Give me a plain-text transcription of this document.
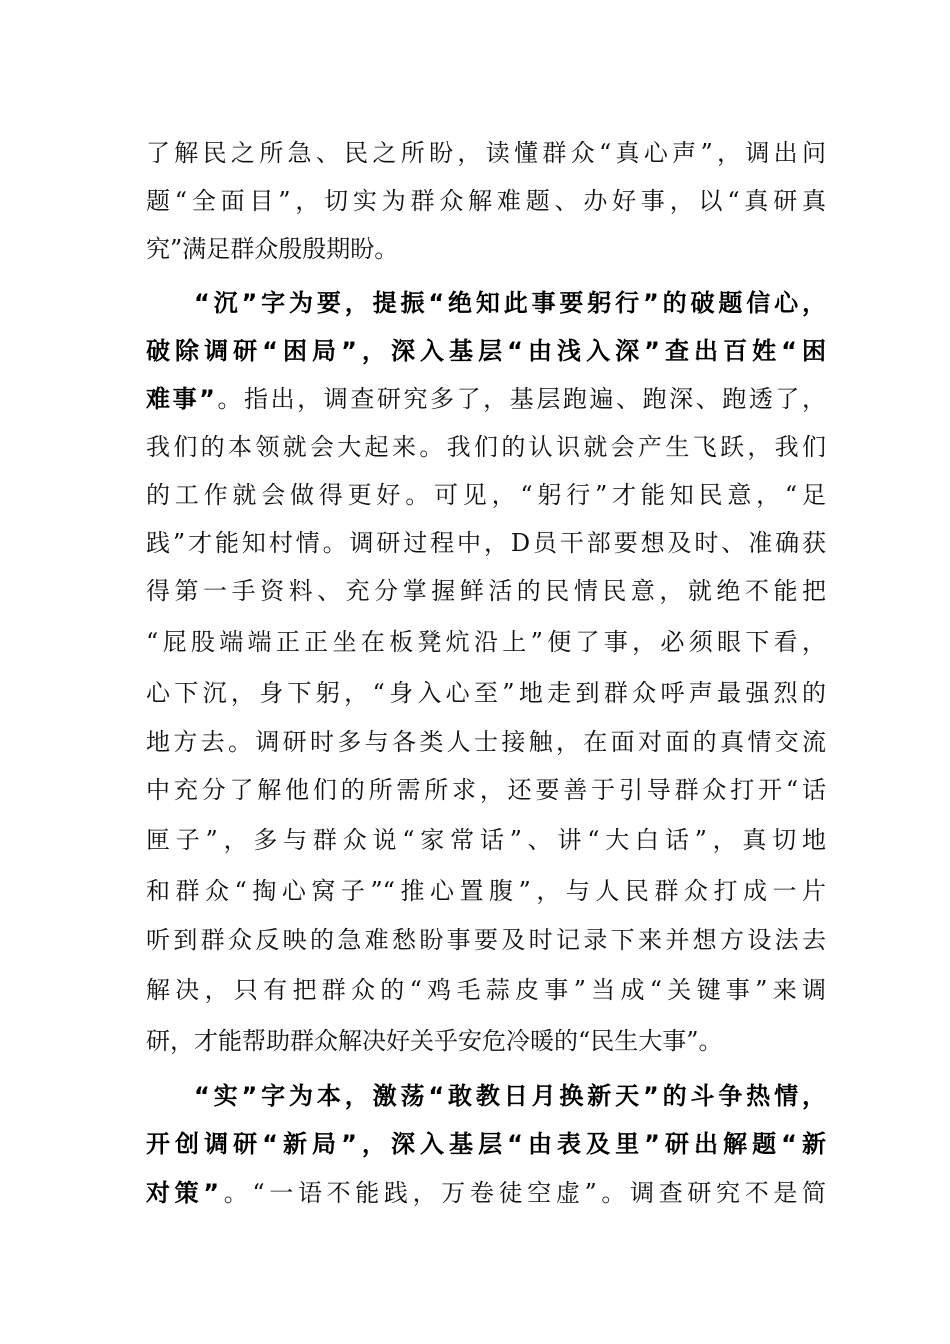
了解民之所急、民之所盼，读懂群众“真心声”，调出问
题“全面目”，切实为群众解难题、办好事，以“真研真
究”满足群众殷殷期盼。
“沉”字为要，提振“绝知此事要躬行”的破题信心，
破除调研“困局”，深入基层“由浅入深”查出百姓“困
难事”。指出，调查研究多了，基层跑遍、跑深、跑透了，
我们的本领就会大起来。我们的认识就会产生飞跃，我们
的工作就会做得更好。可见，“躬行”才能知民意，“足
践”才能知村情。调研过程中，D员干部要想及时、准确获
得第一手资料、充分掌握鲜活的民情民意，就绝不能把
“屁股端端正正坐在板凳炕沿上”便了事，必须眼下看，
心下沉，身下躬，“身入心至”地走到群众呼声最强烈的
地方去。调研时多与各类人士接触，在面对面的真情交流
中充分了解他们的所需所求，还要善于引导群众打开“话
匣子”，多与群众说“家常话”、讲“大白话”，真切地
和群众“掏心窝子”“推心置腹”，与人民群众打成一片
听到群众反映的急难愁盼事要及时记录下来并想方设法去
解决，只有把群众的“鸡毛蒜皮事”当成“关键事”来调
研，才能帮助群众解决好关乎安危冷暖的“民生大事”。
“实”字为本，激荡“敢教日月换新天”的斗争热情，
开创调研“新局”，深入基层“由表及里”研出解题“新
对策”。“一语不能践，万卷徒空虚”。调查研究不是简
